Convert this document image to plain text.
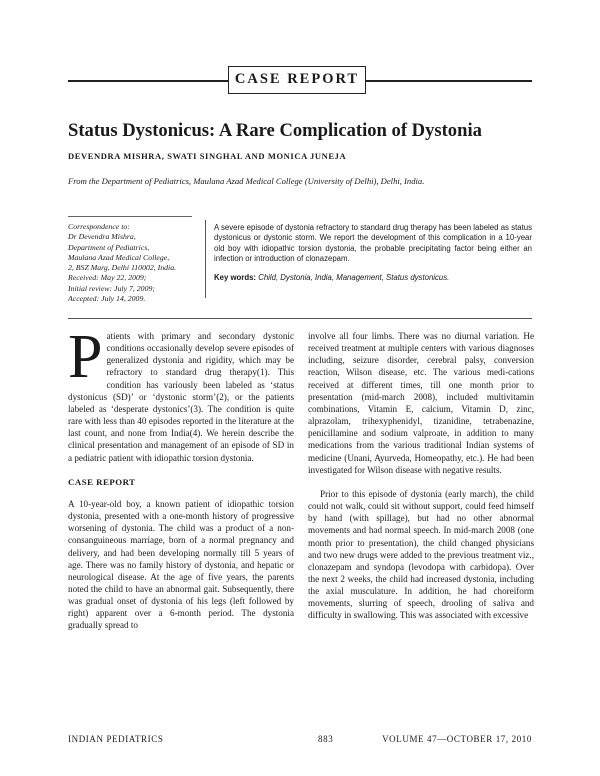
CASE REPORT
Status Dystonicus: A Rare Complication of Dystonia
DEVENDRA MISHRA, SWATI SINGHAL AND MONICA JUNEJA
From the Department of Pediatrics, Maulana Azad Medical College (University of Delhi), Delhi, India.
Correspondence to:
Dr Devendra Mishra,
Department of Pediatrics,
Maulana Azad Medical College,
2, BSZ Marg, Delhi 110002, India.
Received: May 22, 2009;
Initial review: July 7, 2009;
Accepted: July 14, 2009.
A severe episode of dystonia refractory to standard drug therapy has been labeled as status dystonicus or dystonic storm. We report the development of this complication in a 10-year old boy with idiopathic torsion dystonia, the probable precipitating factor being either an infection or introduction of clonazepam.
Key words: Child, Dystonia, India, Management, Status dystonicus.

Patients with primary and secondary dystonic conditions occasionally develop severe episodes of generalized dystonia and rigidity, which may be refractory to standard drug therapy(1). This condition has variously been labeled as ‘status dystonicus (SD)’ or ‘dystonic storm’(2), or the patients labeled as ‘desperate dystonics’(3). The condition is quite rare with less than 40 episodes reported in the literature at the last count, and none from India(4). We herein describe the clinical presentation and management of an episode of SD in a pediatric patient with idiopathic torsion dystonia.

CASE REPORT

A 10-year-old boy, a known patient of idiopathic torsion dystonia, presented with a one-month history of progressive worsening of dystonia. The child was a product of a non-consanguineous marriage, born of a normal pregnancy and delivery, and had been developing normally till 5 years of age. There was no family history of dystonia, and hepatic or neurological disease. At the age of five years, the parents noted the child to have an abnormal gait. Subsequently, there was gradual onset of dystonia of his legs (left followed by right) apparent over a 6-month period. The dystonia gradually spread to

involve all four limbs. There was no diurnal variation. He received treatment at multiple centers with various diagnoses including, seizure disorder, cerebral palsy, conversion reaction, Wilson disease, etc. The various medi-cations received at different times, till one month prior to presentation (mid-march 2008), included multivitamin combinations, Vitamin E, calcium, Vitamin D, zinc, alprazolam, trihexyphenidyl, tizanidine, tetrabenazine, penicillamine and sodium valproate, in addition to many medications from the various traditional Indian systems of medicine (Unani, Ayurveda, Homeopathy, etc.). He had been investigated for Wilson disease with negative results.

Prior to this episode of dystonia (early march), the child could not walk, could sit without support, could feed himself by hand (with spillage), but had no other abnormal movements and had normal speech. In mid-march 2008 (one month prior to presentation), the child changed physicians and two new drugs were added to the previous treatment viz., clonazepam and syndopa (levodopa with carbidopa). Over the next 2 weeks, the child had increased dystonia, including the axial musculature. In addition, he had choreiform movements, slurring of speech, drooling of saliva and difficulty in swallowing. This was associated with excessive

INDIAN PEDIATRICS	883	VOLUME 47—OCTOBER 17, 2010
